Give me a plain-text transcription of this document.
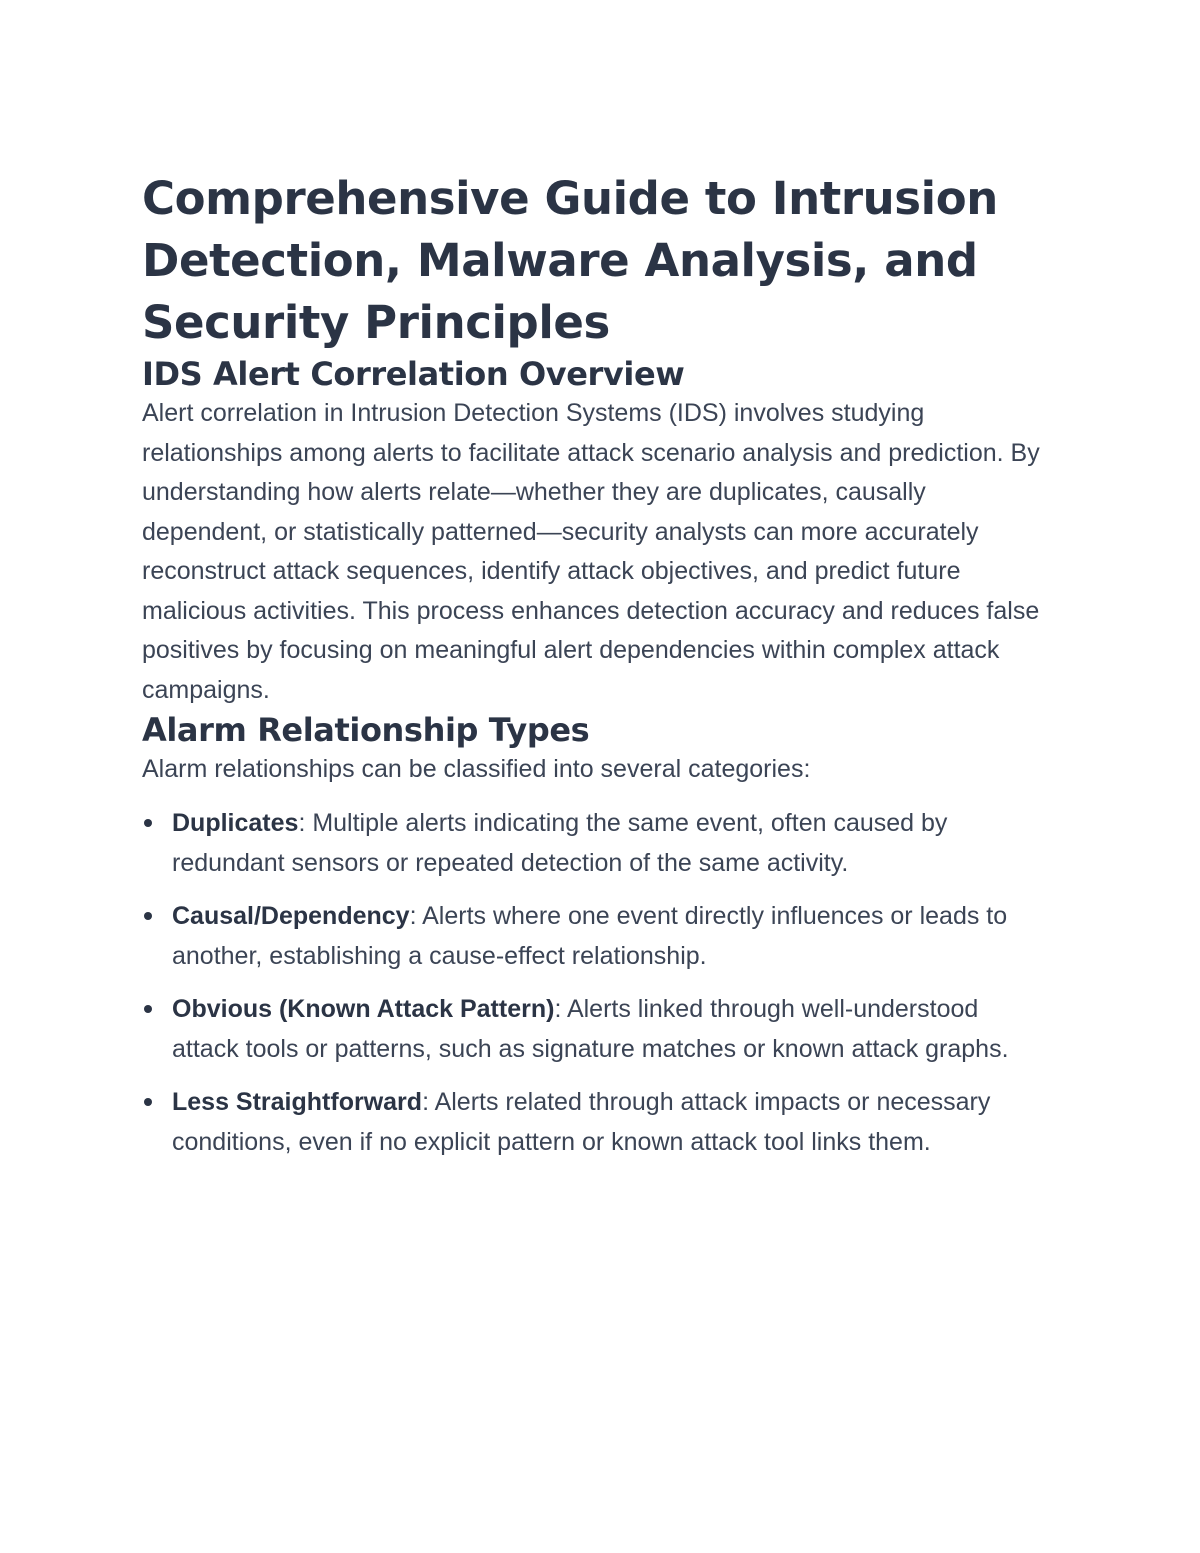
Comprehensive Guide to Intrusion Detection, Malware Analysis, and Security Principles
IDS Alert Correlation Overview

Alert correlation in Intrusion Detection Systems (IDS) involves studying relationships among alerts to facilitate attack scenario analysis and prediction. By understanding how alerts relate—whether they are duplicates, causally dependent, or statistically patterned—security analysts can more accurately reconstruct attack sequences, identify attack objectives, and predict future malicious activities. This process enhances detection accuracy and reduces false positives by focusing on meaningful alert dependencies within complex attack campaigns.

Alarm Relationship Types

Alarm relationships can be classified into several categories:

Duplicates: Multiple alerts indicating the same event, often caused by redundant sensors or repeated detection of the same activity.
Causal/Dependency: Alerts where one event directly influences or leads to another, establishing a cause-effect relationship.
Obvious (Known Attack Pattern): Alerts linked through well-understood attack tools or patterns, such as signature matches or known attack graphs.
Less Straightforward: Alerts related through attack impacts or necessary conditions, even if no explicit pattern or known attack tool links them.
